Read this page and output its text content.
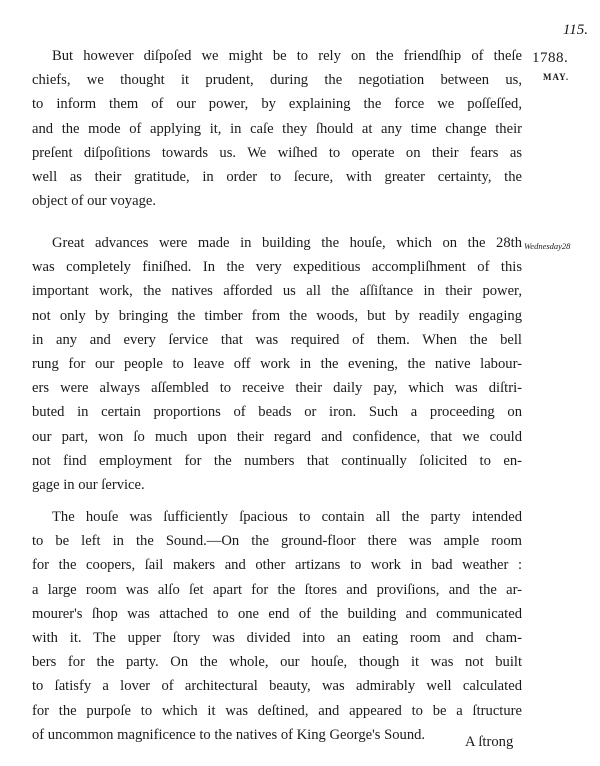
115.
1788.
MAY.
Wednesday28
But however diſpoſed we might be to rely on the friendſhip of theſe
chiefs, we thought it prudent, during the negotiation between us,
to inform them of our power, by explaining the force we poſſeſſed,
and the mode of applying it, in caſe they ſhould at any time change their
preſent diſpoſitions towards us. We wiſhed to operate on their fears as
well as their gratitude, in order to ſecure, with greater certainty, the
object of our voyage.
Great advances were made in building the houſe, which on the 28th
was completely finiſhed. In the very expeditious accompliſhment of this
important work, the natives afforded us all the aſſiſtance in their power,
not only by bringing the timber from the woods, but by readily engaging
in any and every ſervice that was required of them. When the bell
rung for our people to leave off work in the evening, the native labour-
ers were always aſſembled to receive their daily pay, which was diſtri-
buted in certain proportions of beads or iron. Such a proceeding on
our part, won ſo much upon their regard and confidence, that we could
not find employment for the numbers that continually ſolicited to en-
gage in our ſervice.
The houſe was ſufficiently ſpacious to contain all the party intended
to be left in the Sound.—On the ground-floor there was ample room
for the coopers, ſail makers and other artizans to work in bad weather :
a large room was alſo ſet apart for the ſtores and proviſions, and the ar-
mourer's ſhop was attached to one end of the building and communicated
with it. The upper ſtory was divided into an eating room and cham-
bers for the party. On the whole, our houſe, though it was not built
to ſatisfy a lover of architectural beauty, was admirably well calculated
for the purpoſe to which it was deſtined, and appeared to be a ſtructure
of uncommon magnificence to the natives of King George's Sound.	A ſtrong
